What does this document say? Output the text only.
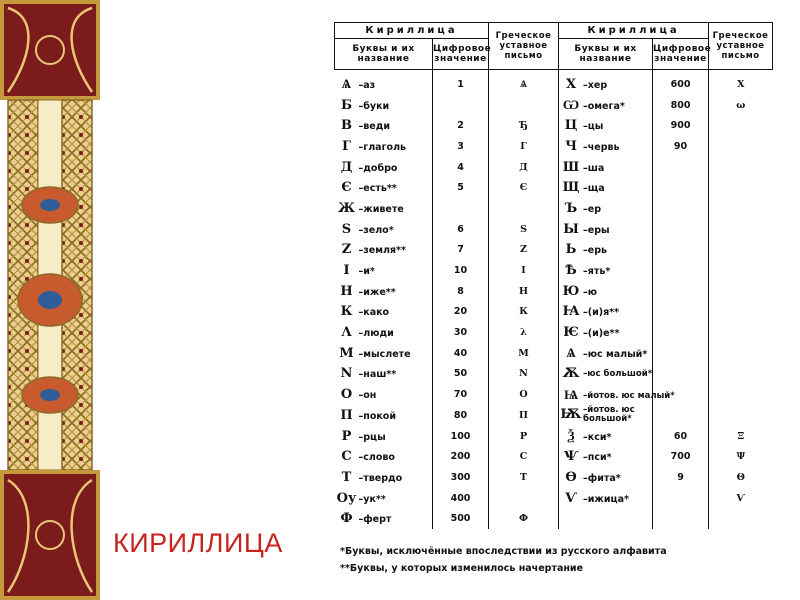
КИРИЛЛИЦА
Кириллица		Греческое уставное письмо	Кириллица		Греческое уставное письмо

Буквы и их название	Цифровое значение		Буквы и их название	Цифровое значение	

Ѧ –аз	1	Ѧ	Х –хер	600	Χ
Б –буки			Ѡ –омега*	800	ω
В –веди	2	Ђ	Ц –цы	900	
Г –глаголь	3	Г	Ч –червь	90	
Д –добро	4	Д	Ш –ша		
Є –есть**	5	Є	Щ –ща		
Ж –живете			Ъ –ер		
Ѕ –зело*	6	Ѕ	Ы –еры		
Ζ –земля**	7	Ζ	Ь –ерь		
І –и*	10	І	Ѣ –ять*		
Н –иже**	8	Н	Ю –ю		
К –како	20	К	Ꙗ –(и)я**		
Λ –люди	30	λ	Ѥ –(и)е**		
М –мыслете	40	М	Ѧ –юс малый*		
N –наш**	50	N	Ѫ –юс большой*		
О –он	70	О	Ѩ –йотов. юс малый*		
П –покой	80	П	Ѭ–йотов. юс большой*		
Р –рцы	100	Р	Ѯ –кси*	60	Ξ
С –слово	200	С	Ѱ –пси*	700	Ψ
Т –твердо	300	Т	Ѳ –фита*	9	Θ
Оу –ук**	400		Ѵ –ижица*		Ѵ
Ф –ферт	500	Ф			
*Буквы, исключённые впоследствии из русского алфавита
**Буквы, у которых изменилось начертание
